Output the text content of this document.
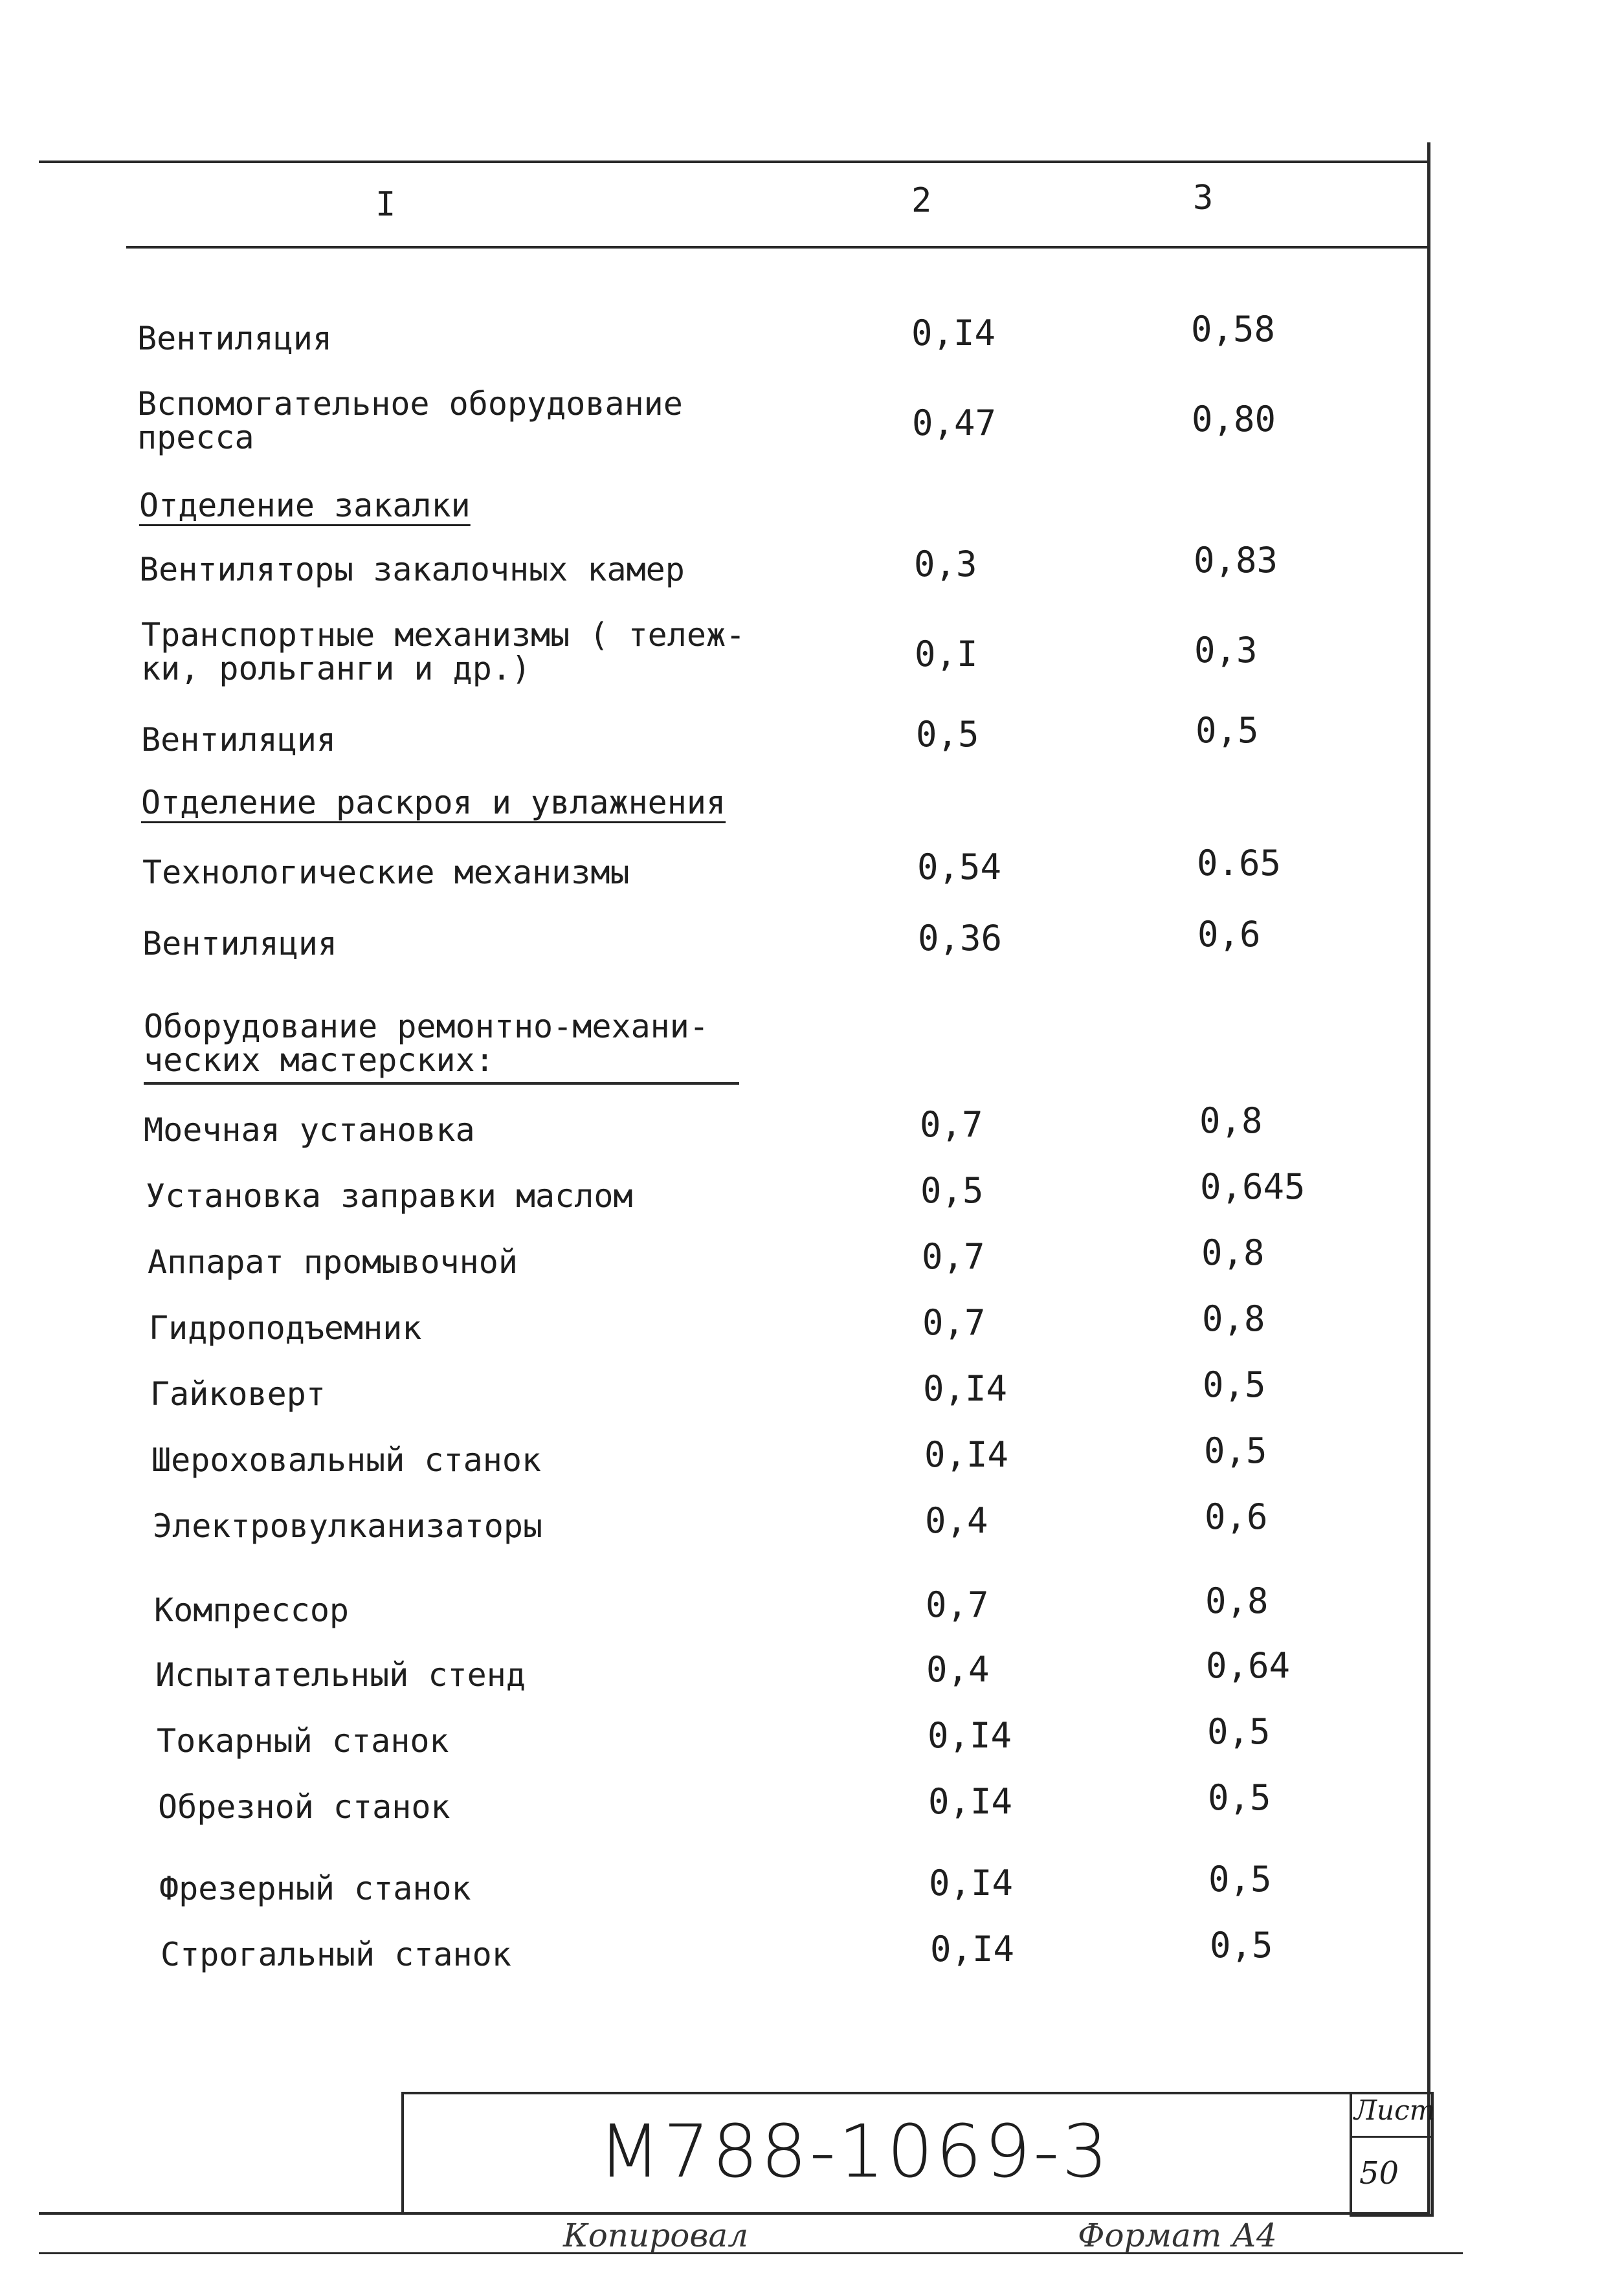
I	2	3
Вентиляция	0,I4	0,58
Вспомогательное оборудование
пресса	0,47	0,80
Отделение закалки
Вентиляторы закалочных камер	0,3	0,83
Транспортные механизмы ( тележ-
ки, рольганги и др.)	0,I	0,3
Вентиляция	0,5	0,5
Отделение раскроя и увлажнения
Технологические механизмы	0,54	0.65
Вентиляция	0,36	0,6
Оборудование ремонтно-механи-
ческих мастерских:
Моечная установка	0,7	0,8
Установка заправки маслом	0,5	0,645
Аппарат промывочной	0,7	0,8
Гидроподъемник	0,7	0,8
Гайковерт	0,I4	0,5
Шероховальный станок	0,I4	0,5
Электровулканизаторы	0,4	0,6
Компрессор	0,7	0,8
Испытательный стенд	0,4	0,64
Токарный станок	0,I4	0,5
Обрезной станок	0,I4	0,5
Фрезерный станок	0,I4	0,5
Строгальный станок	0,I4	0,5
М788-1069-3	Лист
50
Копировал	Формат А4
